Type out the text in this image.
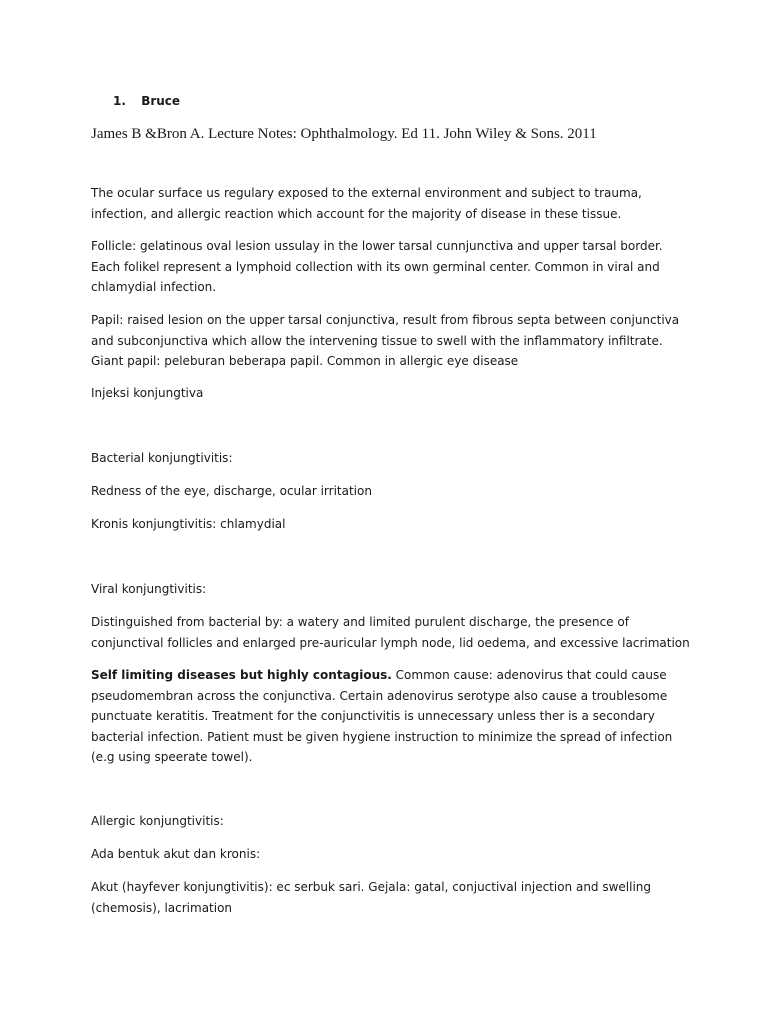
1. Bruce
James B &Bron A. Lecture Notes: Ophthalmology. Ed 11. John Wiley & Sons. 2011
The ocular surface us regulary exposed to the external environment and subject to trauma, infection, and allergic reaction which account for the majority of disease in these tissue.
Follicle: gelatinous oval lesion ussulay in the lower tarsal cunnjunctiva and upper tarsal border. Each folikel represent a lymphoid collection with its own germinal center. Common in viral and chlamydial infection.
Papil: raised lesion on the upper tarsal conjunctiva, result from fibrous septa between conjunctiva and subconjunctiva which allow the intervening tissue to swell with the inflammatory infiltrate. Giant papil: peleburan beberapa papil. Common in allergic eye disease
Injeksi konjungtiva
Bacterial konjungtivitis:
Redness of the eye, discharge, ocular irritation
Kronis konjungtivitis: chlamydial
Viral konjungtivitis:
Distinguished from bacterial by: a watery and limited purulent discharge, the presence of conjunctival follicles and enlarged pre-auricular lymph node, lid oedema, and excessive lacrimation
Self limiting diseases but highly contagious. Common cause: adenovirus that could cause pseudomembran across the conjunctiva. Certain adenovirus serotype also cause a troublesome punctuate keratitis. Treatment for the conjunctivitis is unnecessary unless ther is a secondary bacterial infection. Patient must be given hygiene instruction to minimize the spread of infection (e.g using speerate towel).
Allergic konjungtivitis:
Ada bentuk akut dan kronis:
Akut (hayfever konjungtivitis): ec serbuk sari. Gejala: gatal, conjuctival injection and swelling (chemosis), lacrimation
